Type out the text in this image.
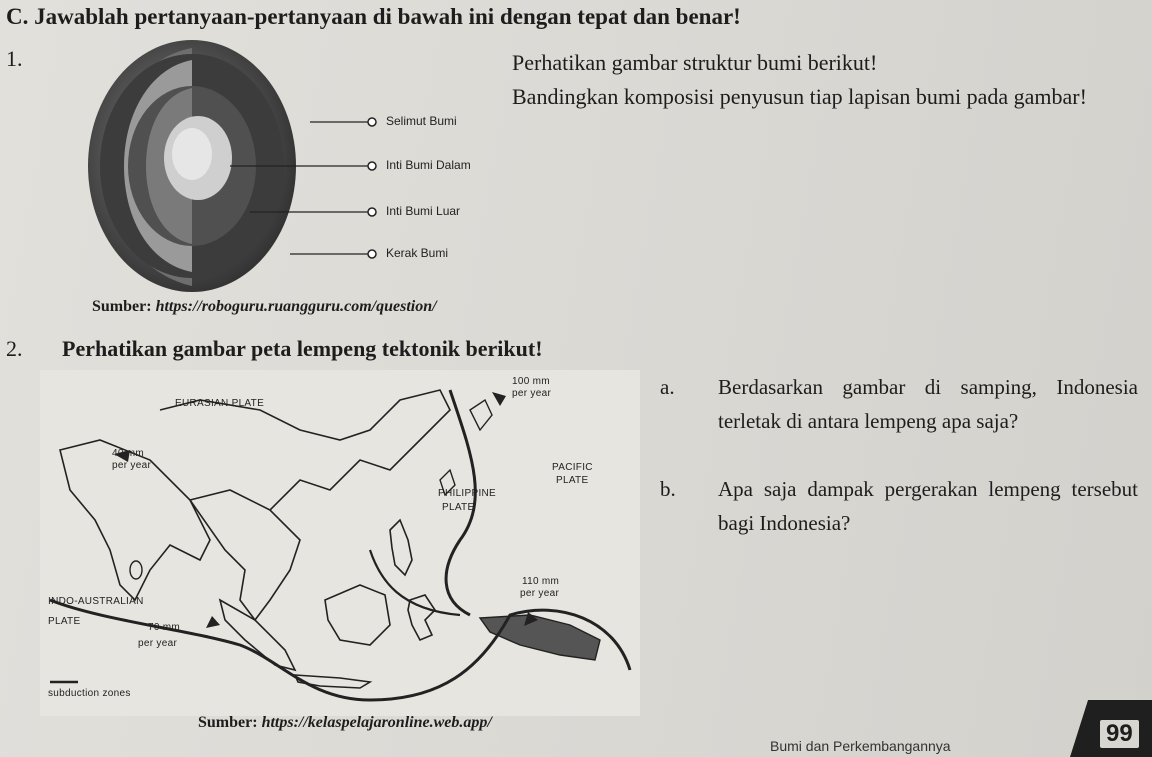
C. Jawablah pertanyaan-pertanyaan di bawah ini dengan tepat dan benar!
1.
Selimut Bumi
Inti Bumi Dalam
Inti Bumi Luar
Kerak Bumi

Perhatikan gambar struktur bumi berikut!

Bandingkan komposisi penyusun tiap lapisan bumi pada gambar!

Sumber: https://roboguru.ruangguru.com/question/
2. Perhatikan gambar peta lempeng tektonik berikut!
EURASIAN PLATE
40 mm
per year
100 mm
per year
PACIFIC
PLATE
PHILIPPINE
PLATE
110 mm
per year
INDO-AUSTRALIAN
PLATE
70 mm
per year
subduction zones
Sumber: https://kelaspelajaronline.web.app/
a. Berdasarkan gambar di samping, Indonesia terletak di antara lempeng apa saja?
b. Apa saja dampak pergerakan lempeng tersebut bagi Indonesia?
Bumi dan Perkembangannya	99
